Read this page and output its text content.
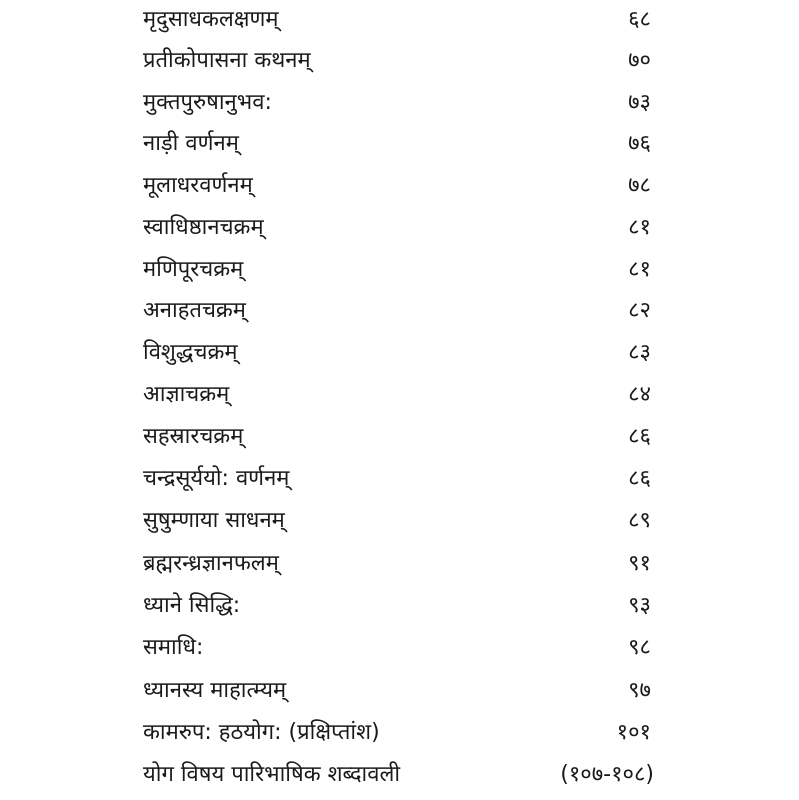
मृदुसाधकलक्षणम्	६८
प्रतीकोपासना कथनम्	७०
मुक्तपुरुषानुभव:	७३
नाड़ी वर्णनम्	७६
मूलाधरवर्णनम्	७८
स्वाधिष्ठानचक्रम्	८१
मणिपूरचक्रम्	८१
अनाहतचक्रम्	८२
विशुद्धचक्रम्	८३
आज्ञाचक्रम्	८४
सहस्रारचक्रम्	८६
चन्द्रसूर्ययो: वर्णनम्	८६
सुषुम्णाया साधनम्	८९
ब्रह्मरन्ध्रज्ञानफलम्	९१
ध्याने सिद्धि:	९३
समाधि:	९८
ध्यानस्य माहात्म्यम्	९७
कामरुप: हठयोग: (प्रक्षिप्तांश)	१०१
योग विषय पारिभाषिक शब्दावली	(१०७-१०८)
